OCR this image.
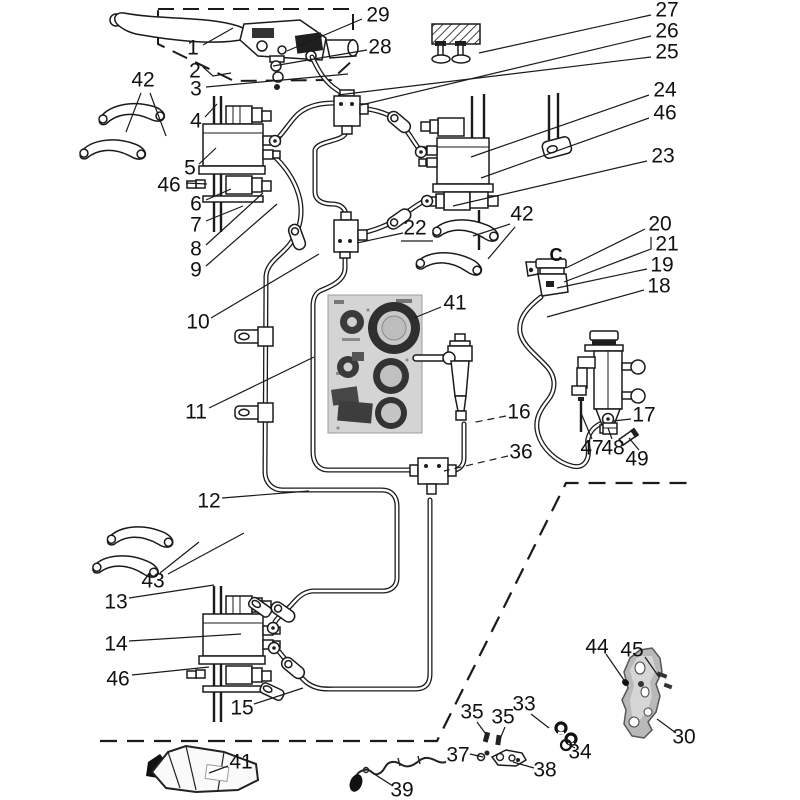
1
2
3
4
5
46
6
7
8
9
10
11
12
13
14
46
15
43
42
42
29
28
27
26
25
24
46
23
22	20
21
19
18
41
16
36
17
47
48 49
44 45
30
35 35
33
34
37
38
39
41
C
